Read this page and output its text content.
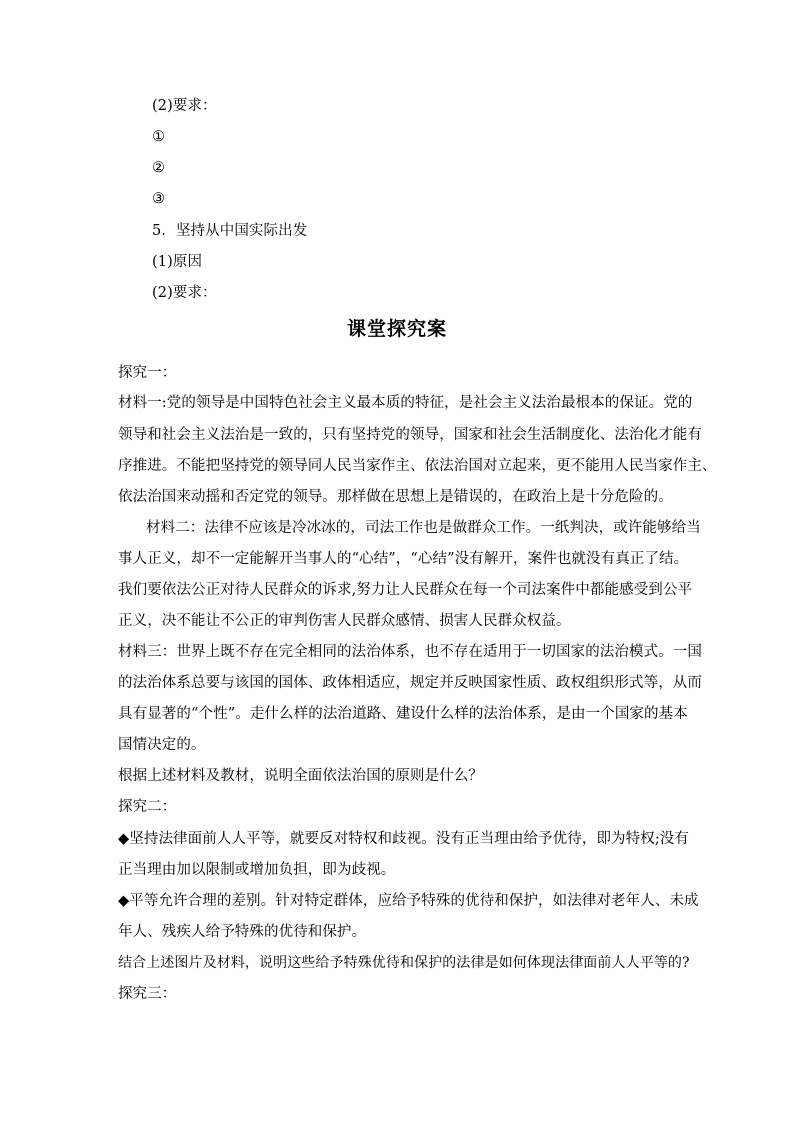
(2)要求：
①
②
③
5．坚持从中国实际出发
(1)原因
(2)要求：
课堂探究案
探究一：
材料一:党的领导是中国特色社会主义最本质的特征，是社会主义法治最根本的保证。党的
领导和社会主义法治是一致的，只有坚持党的领导，国家和社会生活制度化、法治化才能有
序推进。不能把坚持党的领导同人民当家作主、依法治国对立起来，更不能用人民当家作主、
依法治国来动摇和否定党的领导。那样做在思想上是错误的，在政治上是十分危险的。
材料二：法律不应该是冷冰冰的，司法工作也是做群众工作。一纸判决，或许能够给当
事人正义，却不一定能解开当事人的“心结”，“心结”没有解开，案件也就没有真正了结。
我们要依法公正对待人民群众的诉求,努力让人民群众在每一个司法案件中都能感受到公平
正义，决不能让不公正的审判伤害人民群众感情、损害人民群众权益。
材料三：世界上既不存在完全相同的法治体系，也不存在适用于一切国家的法治模式。一国
的法治体系总要与该国的国体、政体相适应，规定并反映国家性质、政权组织形式等，从而
具有显著的“个性”。走什么样的法治道路、建设什么样的法治体系，是由一个国家的基本
国情决定的。
根据上述材料及教材，说明全面依法治国的原则是什么？
探究二：
◆坚持法律面前人人平等，就要反对特权和歧视。没有正当理由给予优待，即为特权;没有
正当理由加以限制或增加负担，即为歧视。
◆平等允许合理的差别。针对特定群体，应给予特殊的优待和保护，如法律对老年人、未成
年人、残疾人给予特殊的优待和保护。
结合上述图片及材料，说明这些给予特殊优待和保护的法律是如何体现法律面前人人平等的?
探究三：
